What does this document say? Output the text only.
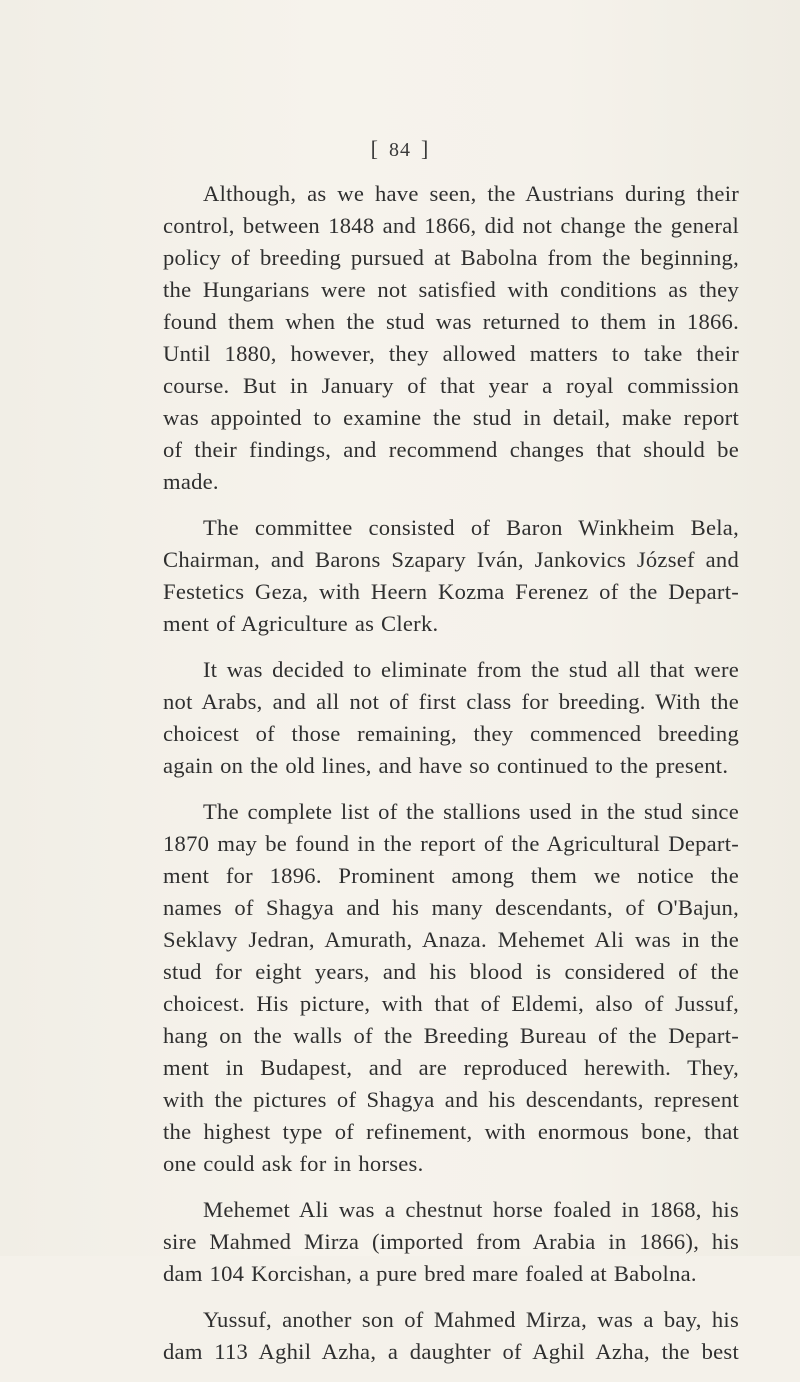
[ 84 ]

Although, as we have seen, the Austrians during their
control, between 1848 and 1866, did not change the general
policy of breeding pursued at Babolna from the beginning,
the Hungarians were not satisfied with conditions as they
found them when the stud was returned to them in 1866.
Until 1880, however, they allowed matters to take their
course. But in January of that year a royal commission
was appointed to examine the stud in detail, make report
of their findings, and recommend changes that should be
made.

The committee consisted of Baron Winkheim Bela,
Chairman, and Barons Szapary Iván, Jankovics József and
Festetics Geza, with Heern Kozma Ferenez of the Depart-
ment of Agriculture as Clerk.

It was decided to eliminate from the stud all that were
not Arabs, and all not of first class for breeding. With the
choicest of those remaining, they commenced breeding
again on the old lines, and have so continued to the present.

The complete list of the stallions used in the stud since
1870 may be found in the report of the Agricultural Depart-
ment for 1896. Prominent among them we notice the
names of Shagya and his many descendants, of O'Bajun,
Seklavy Jedran, Amurath, Anaza. Mehemet Ali was in the
stud for eight years, and his blood is considered of the
choicest. His picture, with that of Eldemi, also of Jussuf,
hang on the walls of the Breeding Bureau of the Depart-
ment in Budapest, and are reproduced herewith. They,
with the pictures of Shagya and his descendants, represent
the highest type of refinement, with enormous bone, that
one could ask for in horses.

Mehemet Ali was a chestnut horse foaled in 1868, his
sire Mahmed Mirza (imported from Arabia in 1866), his
dam 104 Korcishan, a pure bred mare foaled at Babolna.

Yussuf, another son of Mahmed Mirza, was a bay, his
dam 113 Aghil Azha, a daughter of Aghil Azha, the best
